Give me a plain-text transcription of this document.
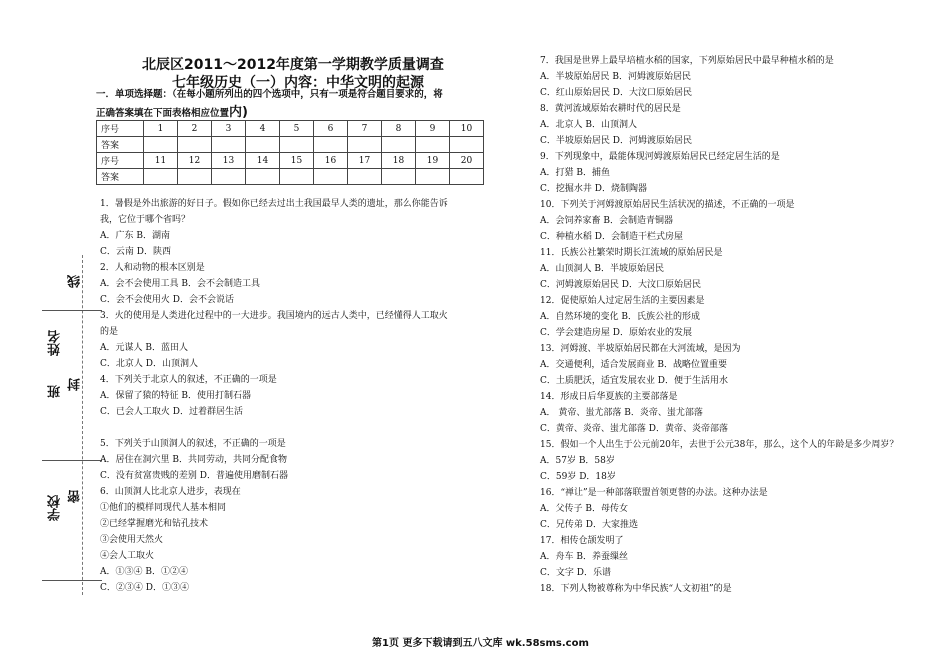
姓名
班
学校
线
封
密
北辰区2011～2012年度第一学期教学质量调查
七年级历史（一）内容：中华文明的起源
一．单项选择题：（在每小题所列出的四个选项中，只有一项是符合题目要求的，将正确答案填在下面表格相应位置内)
序号	1	2	3	4	5	6	7	8	9	10
答案										
序号	11	12	13	14	15	16	17	18	19	20
答案										
1．暑假是外出旅游的好日子。假如你已经去过出土我国最早人类的遗址，那么你能告诉
我，它位于哪个省吗？
A．广东 B．湖南
C．云南 D．陕西
2．人和动物的根本区别是
A．会不会使用工具 B．会不会制造工具
C．会不会使用火 D．会不会说话
3．火的使用是人类进化过程中的一大进步。我国境内的远古人类中，已经懂得人工取火
的是
A．元谋人 B．蓝田人
C．北京人 D．山顶洞人
4．下列关于北京人的叙述，不正确的一项是
A．保留了猿的特征 B．使用打制石器
C．已会人工取火 D．过着群居生活
5．下列关于山顶洞人的叙述，不正确的一项是
A．居住在洞穴里 B．共同劳动，共同分配食物
C．没有贫富贵贱的差别 D．普遍使用磨制石器
6．山顶洞人比北京人进步，表现在
①他们的模样同现代人基本相同
②已经掌握磨光和钻孔技术
③会使用天然火
④会人工取火
A．①③④ B．①②④
C．②③④ D．①③④
7．我国是世界上最早培植水稻的国家，下列原始居民中最早种植水稻的是
A．半坡原始居民 B．河姆渡原始居民
C．红山原始居民 D．大汶口原始居民
8．黄河流域原始农耕时代的居民是
A．北京人 B．山顶洞人
C．半坡原始居民 D．河姆渡原始居民
9．下列现象中，最能体现河姆渡原始居民已经定居生活的是
A．打猎 B．捕鱼
C．挖掘水井 D．烧制陶器
10．下列关于河姆渡原始居民生活状况的描述，不正确的一项是
A．会饲养家畜 B．会制造青铜器
C．种植水稻 D．会制造干栏式房屋
11．氏族公社繁荣时期长江流域的原始居民是
A．山顶洞人 B．半坡原始居民
C．河姆渡原始居民 D．大汶口原始居民
12．促使原始人过定居生活的主要因素是
A．自然环境的变化 B．氏族公社的形成
C．学会建造房屋 D．原始农业的发展
13．河姆渡、半坡原始居民都在大河流域，是因为
A．交通便利，适合发展商业 B．战略位置重要
C．土质肥沃，适宜发展农业 D．便于生活用水
14．形成日后华夏族的主要部落是
A． 黄帝、蚩尤部落 B．炎帝、蚩尤部落
C．黄帝、炎帝、蚩尤部落 D．黄帝、炎帝部落
15．假如一个人出生于公元前20年，去世于公元38年，那么，这个人的年龄是多少周岁？
A．57岁 B．58岁
C．59岁 D．18岁
16．“禅让”是一种部落联盟首领更替的办法。这种办法是
A．父传子 B．母传女
C．兄传弟 D．大家推选
17．相传仓颉发明了
A．舟车 B．养蚕缫丝
C．文字 D．乐谱
18．下列人物被尊称为中华民族“人文初祖”的是
第1页 更多下载请到五八文库 wk.58sms.com
